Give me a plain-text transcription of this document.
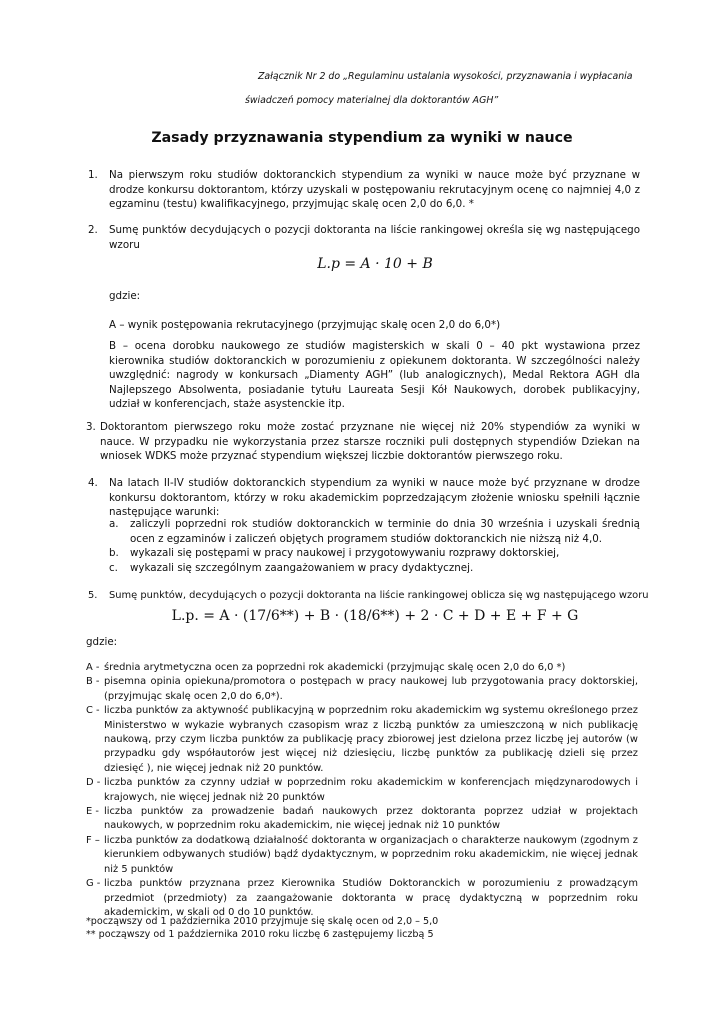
Załącznik Nr 2 do „Regulaminu ustalania wysokości, przyznawania i wypłacania
świadczeń pomocy materialnej dla doktorantów AGH”
Zasady przyznawania stypendium za wyniki w nauce
1.	Na pierwszym roku studiów doktoranckich stypendium za wyniki w nauce może być przyznane w drodze konkursu doktorantom, którzy uzyskali w postępowaniu rekrutacyjnym ocenę co najmniej 4,0 z egzaminu (testu) kwalifikacyjnego, przyjmując skalę ocen 2,0 do 6,0. *
2.	Sumę punktów decydujących o pozycji doktoranta na liście rankingowej określa się wg następującego wzoru
L.p = A · 10 + B
gdzie:
A – wynik postępowania rekrutacyjnego (przyjmując skalę ocen 2,0 do 6,0*)
B – ocena dorobku naukowego ze studiów magisterskich w skali 0 – 40 pkt wystawiona przez kierownika studiów doktoranckich w porozumieniu z opiekunem doktoranta. W szczególności należy uwzględnić: nagrody w konkursach „Diamenty AGH” (lub analogicznych), Medal Rektora AGH dla Najlepszego Absolwenta, posiadanie tytułu Laureata Sesji Kół Naukowych, dorobek publikacyjny, udział w konferencjach, staże asystenckie itp.
3. Doktorantom pierwszego roku może zostać przyznane nie więcej niż 20% stypendiów za wyniki w nauce. W przypadku nie wykorzystania przez starsze roczniki puli dostępnych stypendiów Dziekan na wniosek WDKS może przyznać stypendium większej liczbie doktorantów pierwszego roku.
4.	Na latach II-IV studiów doktoranckich stypendium za wyniki w nauce może być przyznane w drodze konkursu doktorantom, którzy w roku akademickim poprzedzającym złożenie wniosku spełnili łącznie następujące warunki:
a. zaliczyli poprzedni rok studiów doktoranckich w terminie do dnia 30 września i uzyskali średnią ocen z egzaminów i zaliczeń objętych programem studiów doktoranckich nie niższą niż 4,0.
b. wykazali się postępami w pracy naukowej i przygotowywaniu rozprawy doktorskiej,
c. wykazali się szczególnym zaangażowaniem w pracy dydaktycznej.
5.	Sumę punktów, decydujących o pozycji doktoranta na liście rankingowej oblicza się wg następującego wzoru
L.p. = A · (17/6**) + B · (18/6**) + 2 · C + D + E + F + G
gdzie:
A - średnia arytmetyczna ocen za poprzedni rok akademicki (przyjmując skalę ocen 2,0 do 6,0 *)
B - pisemna opinia opiekuna/promotora o postępach w pracy naukowej lub przygotowania pracy doktorskiej, (przyjmując skalę ocen 2,0 do 6,0*).
C - liczba punktów za aktywność publikacyjną w poprzednim roku akademickim wg systemu określonego przez Ministerstwo w wykazie wybranych czasopism wraz z liczbą punktów za umieszczoną w nich publikację naukową, przy czym liczba punktów za publikację pracy zbiorowej jest dzielona przez liczbę jej autorów (w przypadku gdy współautorów jest więcej niż dziesięciu, liczbę punktów za publikację dzieli się przez dziesięć ), nie więcej jednak niż 20 punktów.
D - liczba punktów za czynny udział w poprzednim roku akademickim w konferencjach międzynarodowych i krajowych, nie więcej jednak niż 20 punktów
E - liczba punktów za prowadzenie badań naukowych przez doktoranta poprzez udział w projektach naukowych, w poprzednim roku akademickim, nie więcej jednak niż 10 punktów
F – liczba punktów za dodatkową działalność doktoranta w organizacjach o charakterze naukowym (zgodnym z kierunkiem odbywanych studiów) bądź dydaktycznym, w poprzednim roku akademickim, nie więcej jednak niż 5 punktów
G - liczba punktów przyznana przez Kierownika Studiów Doktoranckich w porozumieniu z prowadzącym przedmiot (przedmioty) za zaangażowanie doktoranta w pracę dydaktyczną w poprzednim roku akademickim, w skali od 0 do 10 punktów.
*począwszy od 1 października 2010 przyjmuje się skalę ocen od 2,0 – 5,0
** począwszy od 1 października 2010 roku liczbę 6 zastępujemy liczbą 5
